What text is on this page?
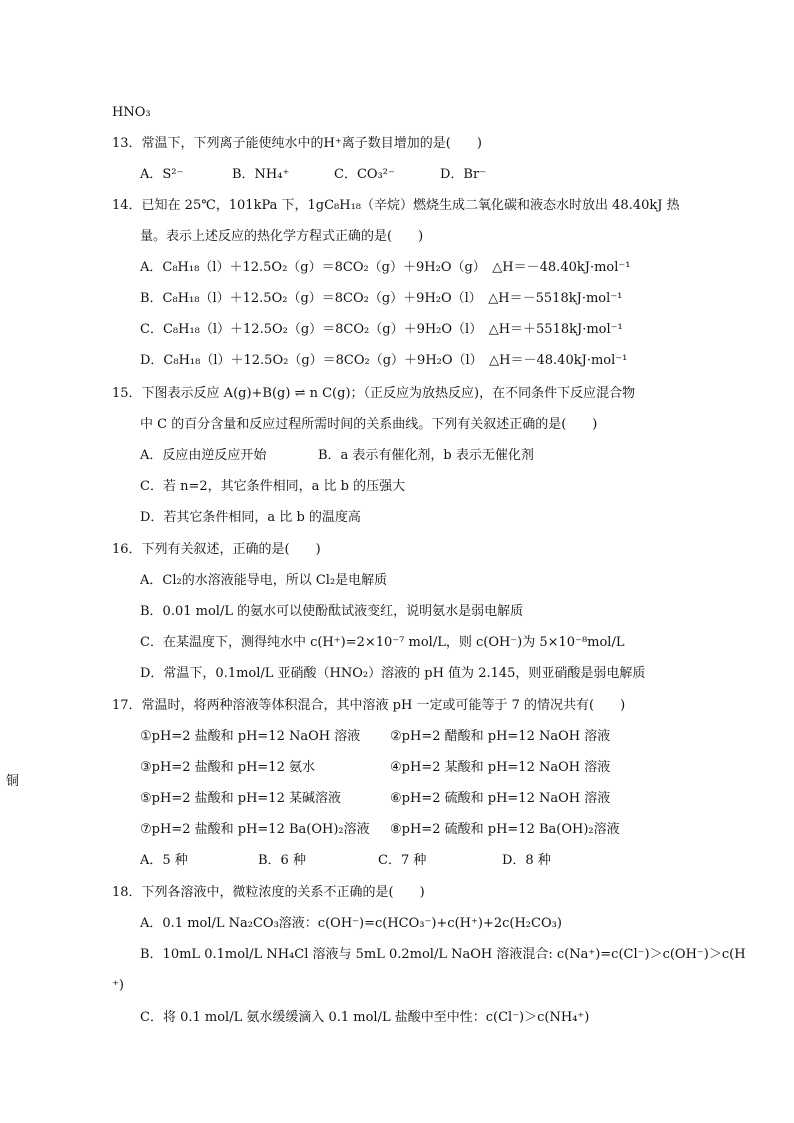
HNO₃
13．常温下，下列离子能使纯水中的H⁺离子数目增加的是(　　)
A．S²⁻	B．NH₄⁺	C．CO₃²⁻	D．Br⁻
14．已知在 25℃，101kPa 下，1gC₈H₁₈（辛烷）燃烧生成二氧化碳和液态水时放出 48.40kJ 热
量。表示上述反应的热化学方程式正确的是(　　)
A．C₈H₁₈（l）＋12.5O₂（g）＝8CO₂（g）＋9H₂O（g）　△H＝－48.40kJ·mol⁻¹
B．C₈H₁₈（l）＋12.5O₂（g）＝8CO₂（g）＋9H₂O（l）　△H＝－5518kJ·mol⁻¹
C．C₈H₁₈（l）＋12.5O₂（g）＝8CO₂（g）＋9H₂O（l）　△H＝＋5518kJ·mol⁻¹
D．C₈H₁₈（l）＋12.5O₂（g）＝8CO₂（g）＋9H₂O（l）　△H＝－48.40kJ·mol⁻¹
15．下图表示反应 A(g)+B(g) ⇌ n C(g)；（正反应为放热反应)，在不同条件下反应混合物
中 C 的百分含量和反应过程所需时间的关系曲线。下列有关叙述正确的是(　　)
A．反应由逆反应开始	B．a 表示有催化剂，b 表示无催化剂
C．若 n=2，其它条件相同，a 比 b 的压强大
D．若其它条件相同，a 比 b 的温度高
16．下列有关叙述，正确的是(　　)
A．Cl₂的水溶液能导电，所以 Cl₂是电解质
B．0.01 mol/L 的氨水可以使酚酞试液变红，说明氨水是弱电解质
C．在某温度下，测得纯水中 c(H⁺)=2×10⁻⁷ mol/L，则 c(OH⁻)为 5×10⁻⁸mol/L
D．常温下，0.1mol/L 亚硝酸（HNO₂）溶液的 pH 值为 2.145，则亚硝酸是弱电解质
17．常温时，将两种溶液等体积混合，其中溶液 pH 一定或可能等于 7 的情况共有(　　)
①pH=2 盐酸和 pH=12 NaOH 溶液 ②pH=2 醋酸和 pH=12 NaOH 溶液
③pH=2 盐酸和 pH=12 氨水	④pH=2 某酸和 pH=12 NaOH 溶液
⑤pH=2 盐酸和 pH=12 某碱溶液	⑥pH=2 硫酸和 pH=12 NaOH 溶液
⑦pH=2 盐酸和 pH=12 Ba(OH)₂溶液 ⑧pH=2 硫酸和 pH=12 Ba(OH)₂溶液
A．5 种	B．6 种	C．7 种	D．8 种
18．下列各溶液中，微粒浓度的关系不正确的是(　　)
A．0.1 mol/L Na₂CO₃溶液：c(OH⁻)=c(HCO₃⁻)+c(H⁺)+2c(H₂CO₃)
B．10mL 0.1mol/L NH₄Cl 溶液与 5mL 0.2mol/L NaOH 溶液混合: c(Na⁺)=c(Cl⁻)＞c(OH⁻)＞c(H
⁺)
C．将 0.1 mol/L 氨水缓缓滴入 0.1 mol/L 盐酸中至中性：c(Cl⁻)＞c(NH₄⁺)
铜
